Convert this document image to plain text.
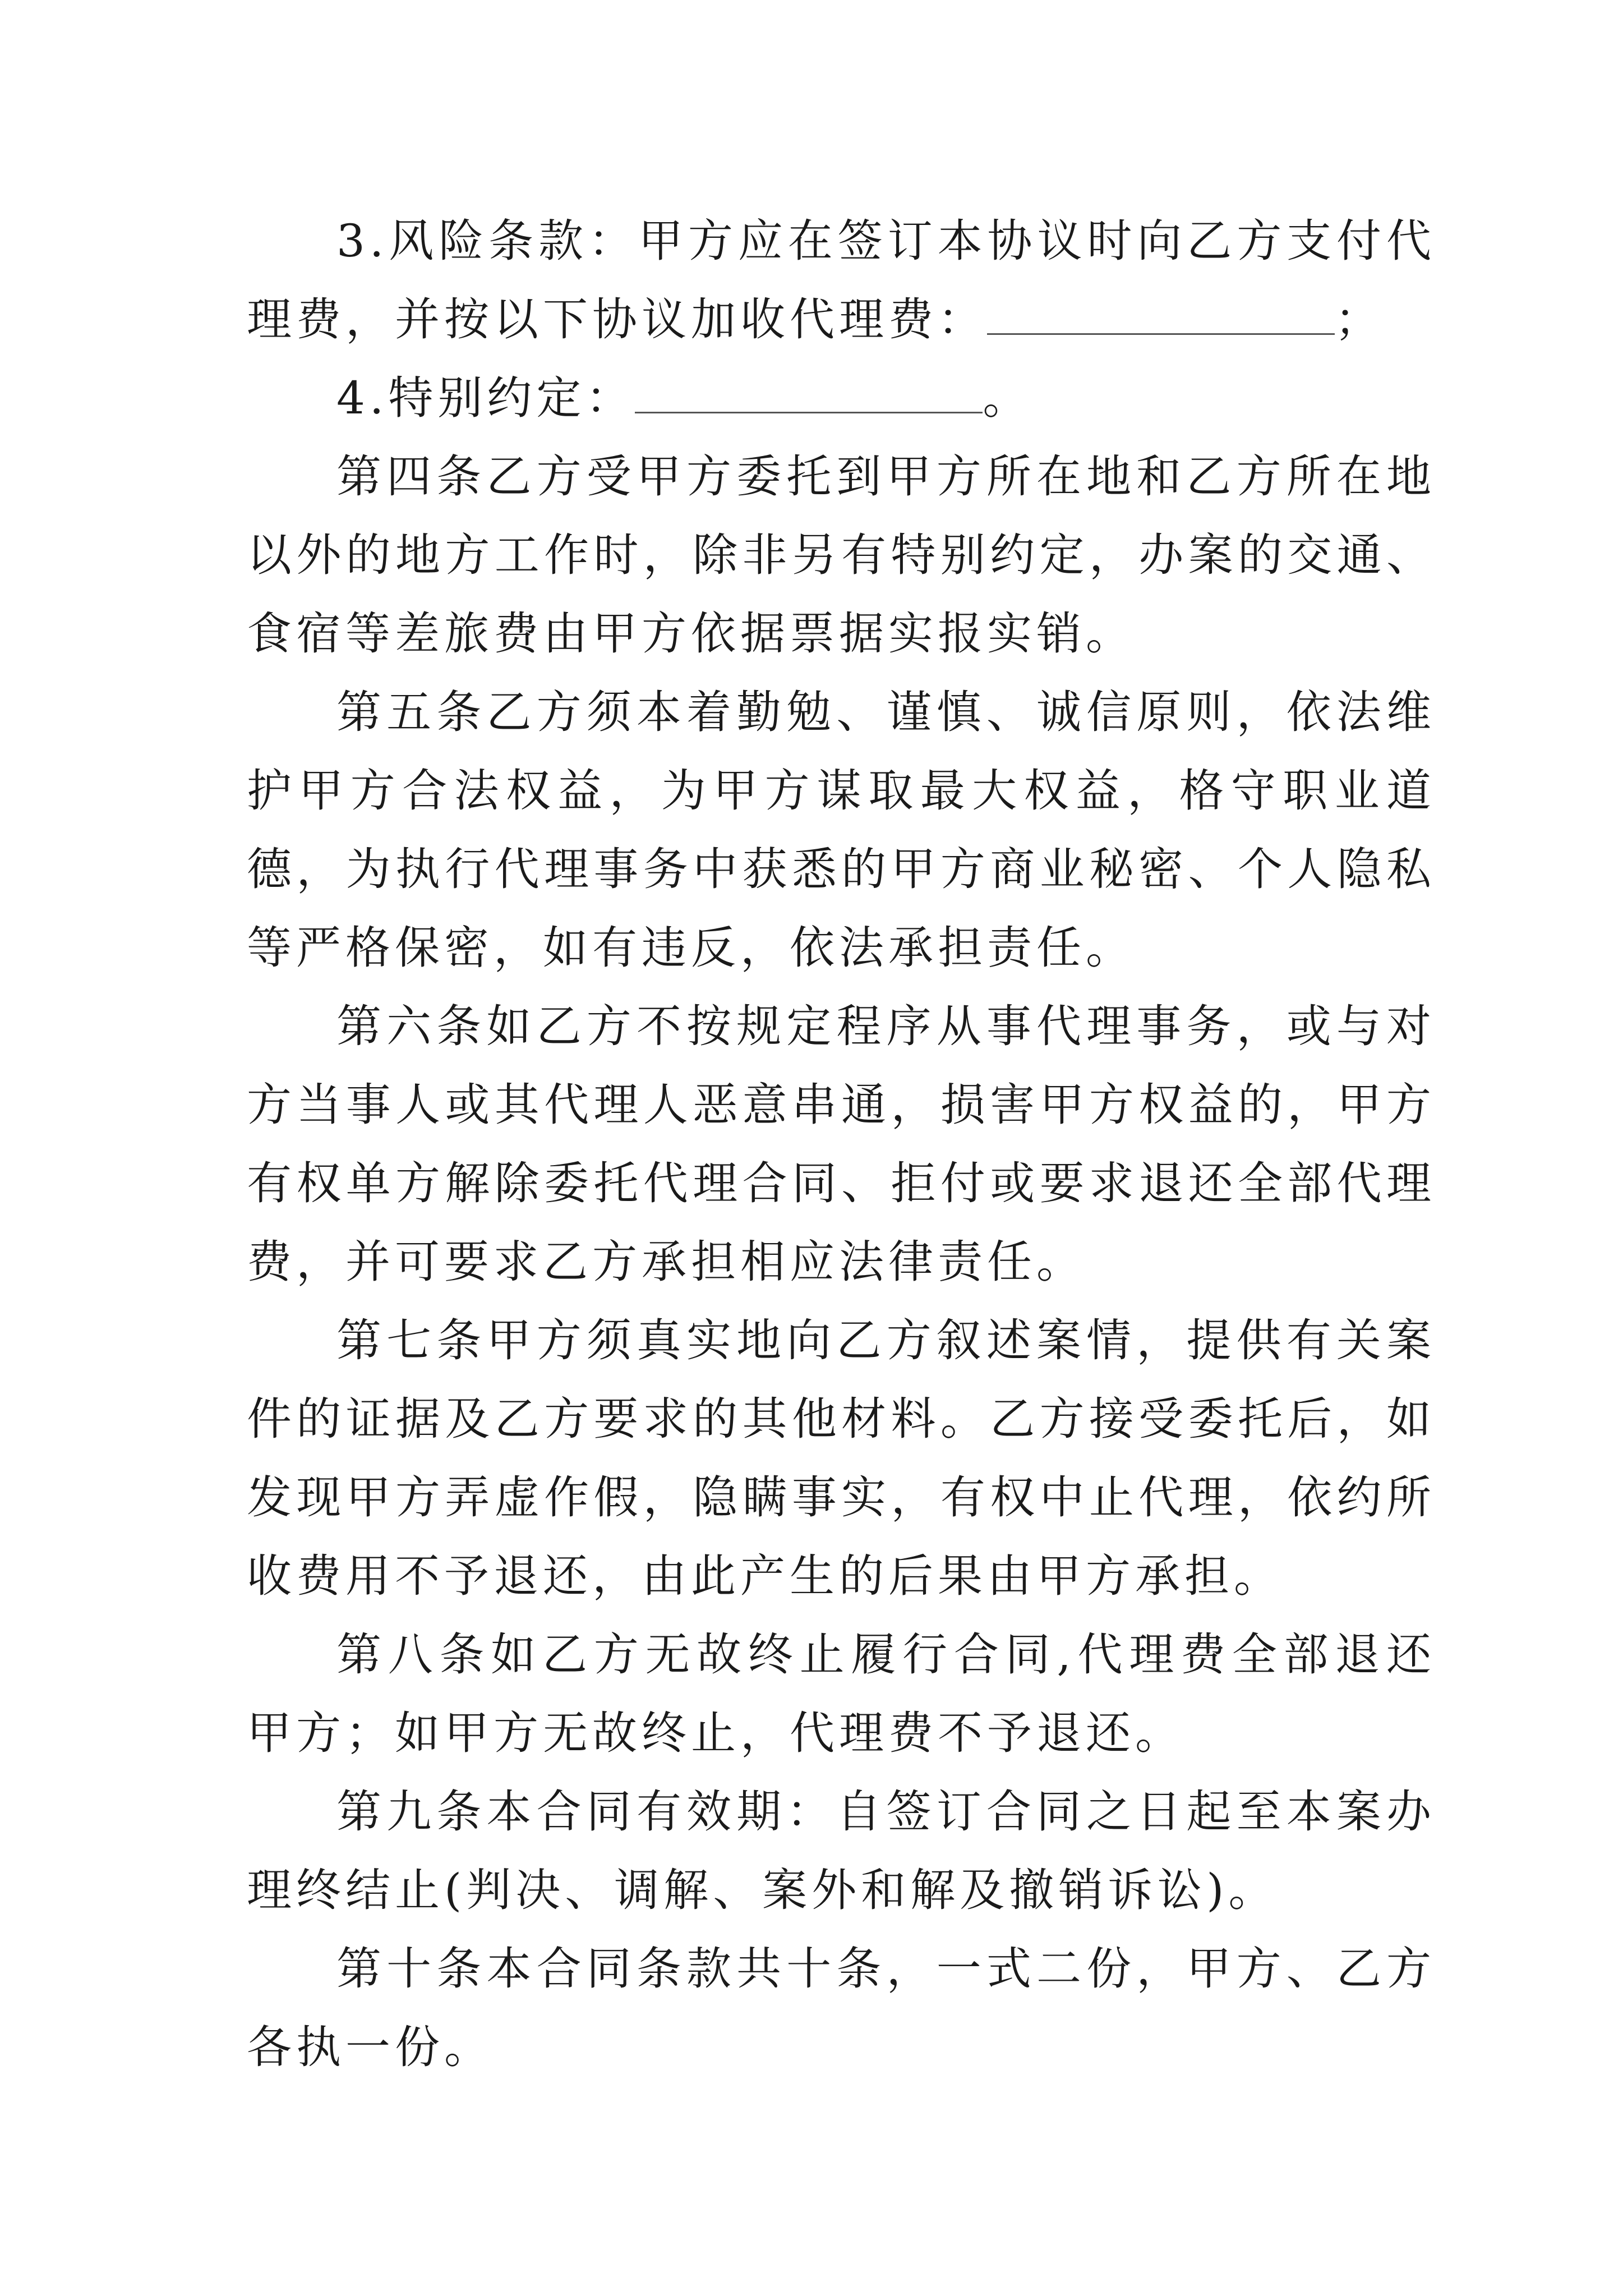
3.风险条款：甲方应在签订本协议时向乙方支付代理费，并按以下协议加收代理费：	；

4.特别约定：	。

第四条乙方受甲方委托到甲方所在地和乙方所在地以外的地方工作时，除非另有特别约定，办案的交通、食宿等差旅费由甲方依据票据实报实销。

第五条乙方须本着勤勉、谨慎、诚信原则，依法维护甲方合法权益，为甲方谋取最大权益，格守职业道德，为执行代理事务中获悉的甲方商业秘密、个人隐私等严格保密，如有违反，依法承担责任。

第六条如乙方不按规定程序从事代理事务，或与对方当事人或其代理人恶意串通，损害甲方权益的，甲方有权单方解除委托代理合同、拒付或要求退还全部代理费，并可要求乙方承担相应法律责任。

第七条甲方须真实地向乙方叙述案情，提供有关案件的证据及乙方要求的其他材料。乙方接受委托后，如发现甲方弄虚作假，隐瞒事实，有权中止代理，依约所收费用不予退还，由此产生的后果由甲方承担。

第八条如乙方无故终止履行合同,代理费全部退还甲方；如甲方无故终止，代理费不予退还。

第九条本合同有效期：自签订合同之日起至本案办理终结止(判决、调解、案外和解及撤销诉讼)。

第十条本合同条款共十条，一式二份，甲方、乙方各执一份。
